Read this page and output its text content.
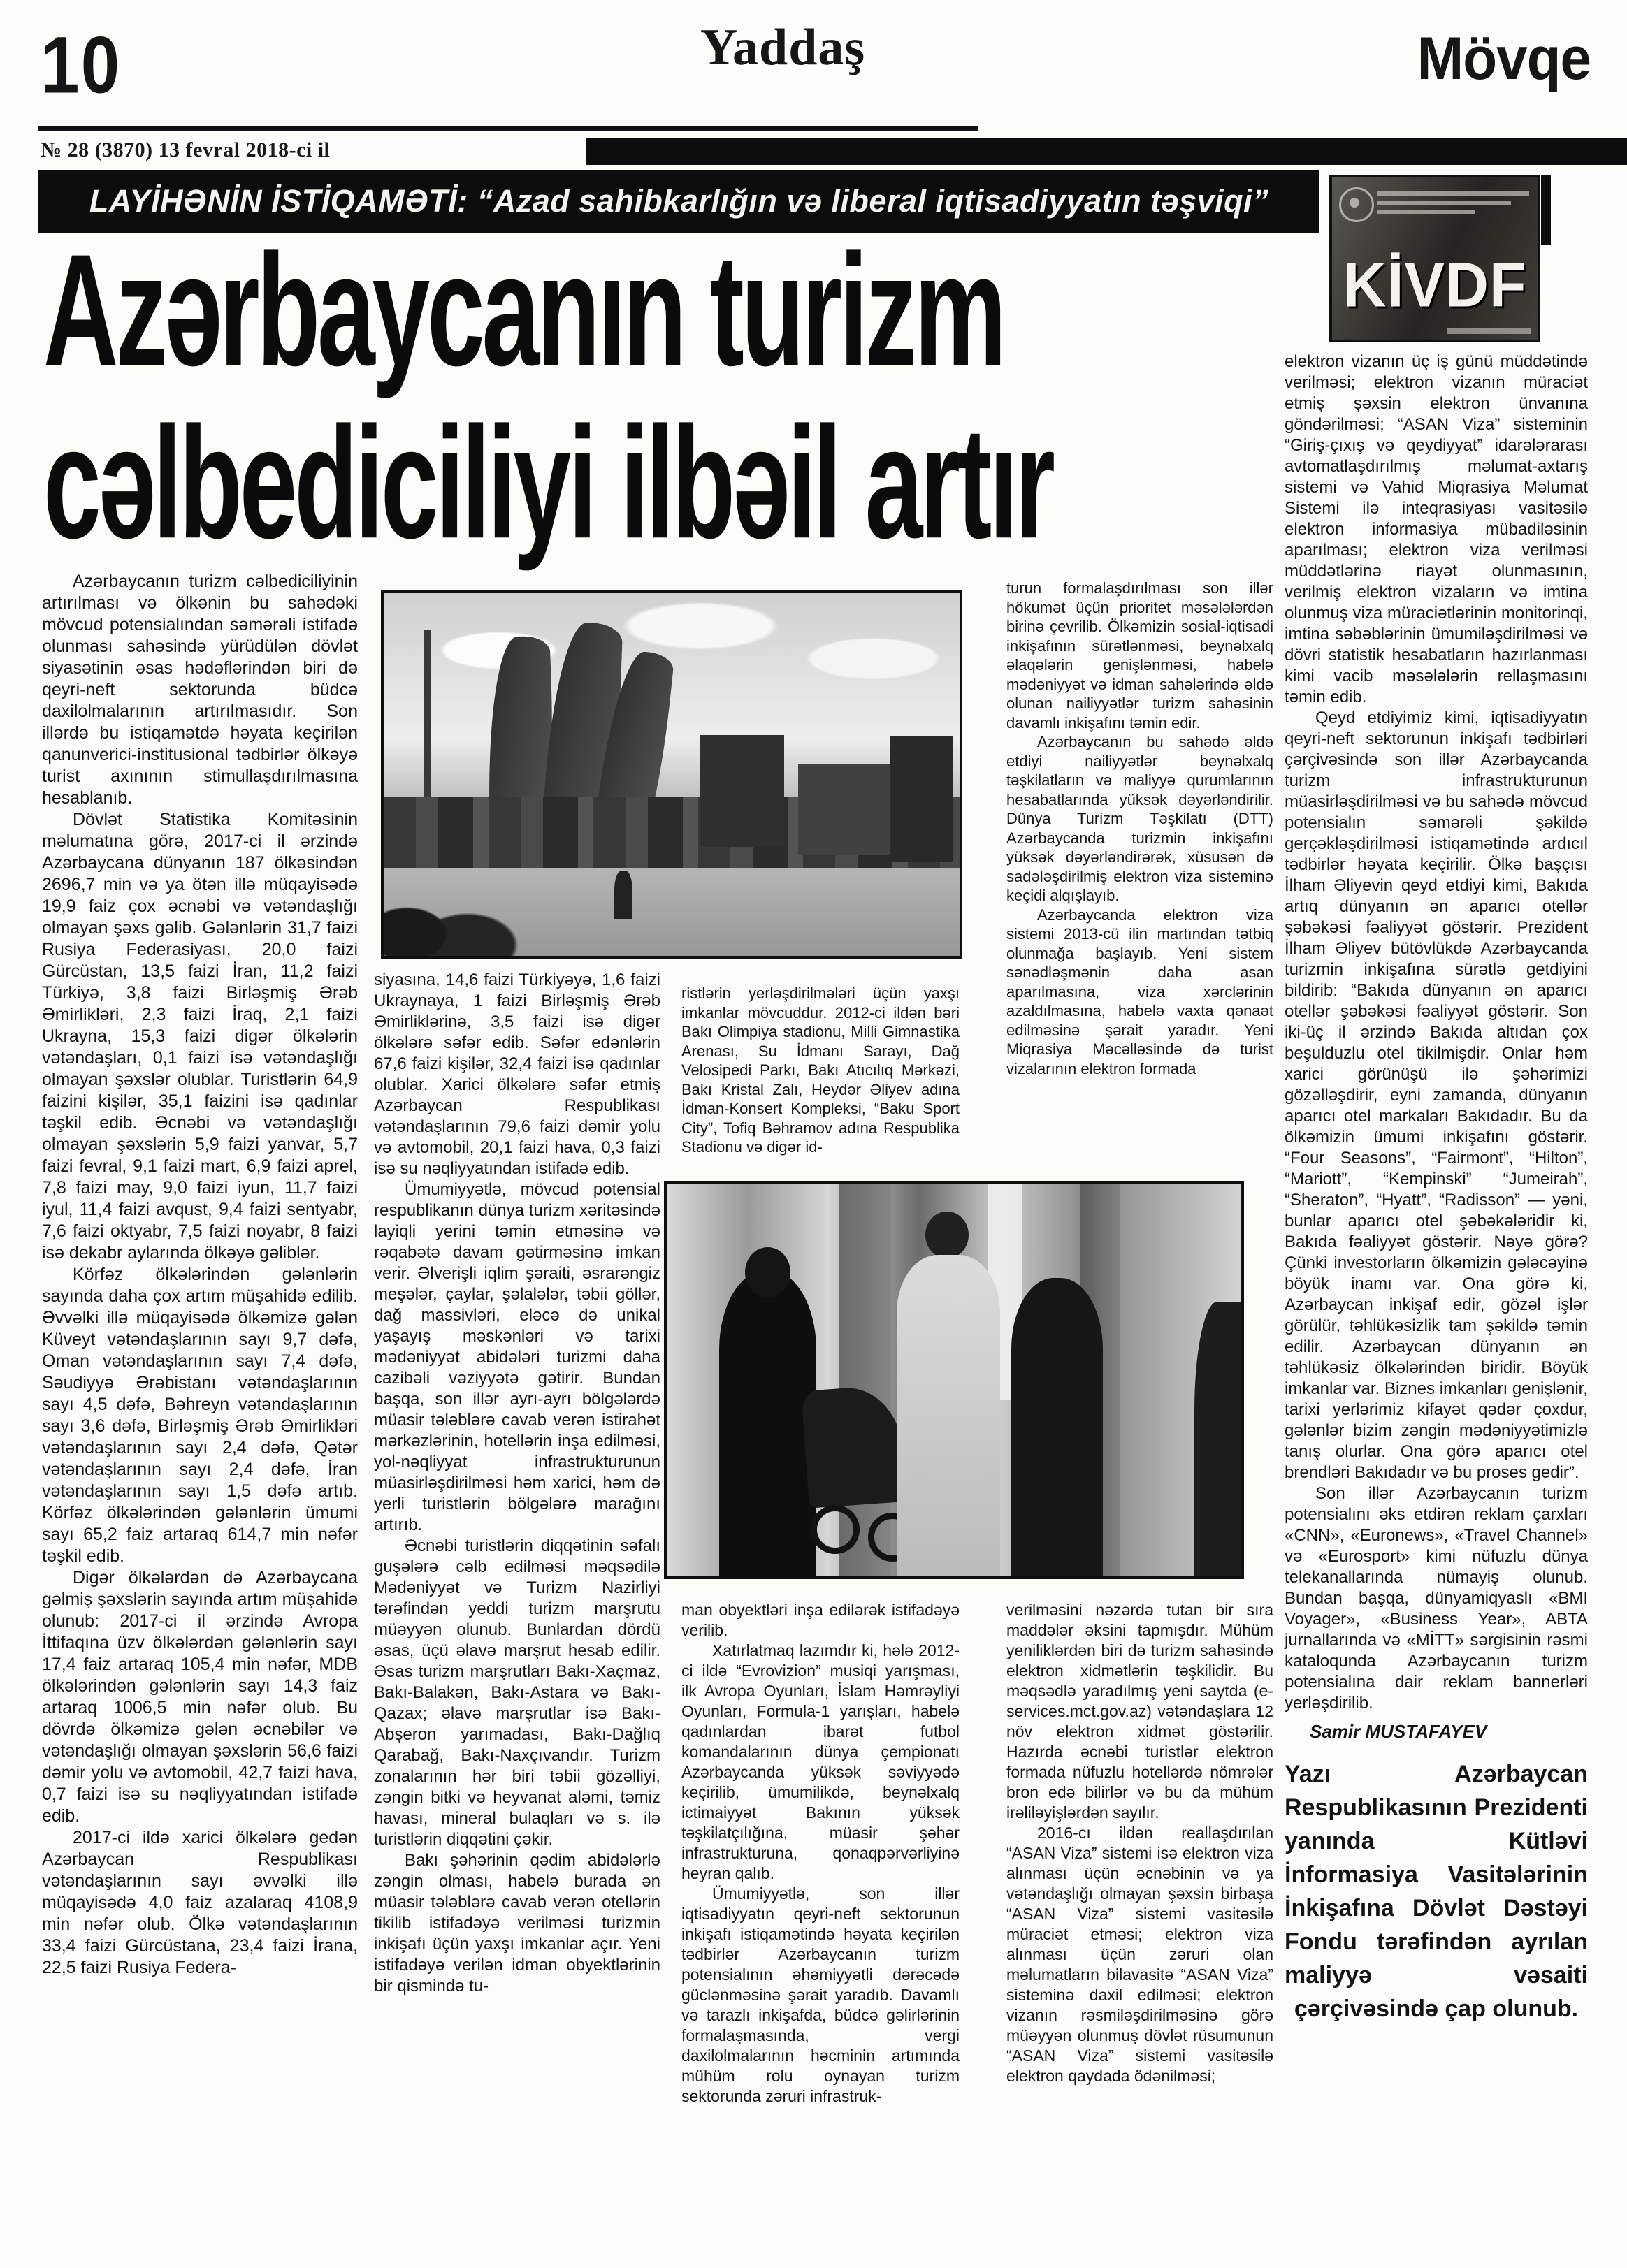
10	Yaddaş	Mövqe
№ 28 (3870) 13 fevral 2018-ci il
LAYİHƏNİN İSTİQAMƏTİ: “Azad sahibkarlığın və liberal iqtisadiyyatın təşviqi”
KİVDF
Azərbaycanın turizm
cəlbediciliyi ilbəil artır

Azərbaycanın turizm cəlbediciliyinin artırılması və ölkənin bu sahədəki mövcud potensialından səmərəli istifadə olunması sahəsində yürüdülən dövlət siyasətinin əsas hədəflərindən biri də qeyri-neft sektorunda büdcə daxilolmalarının artırılmasıdır. Son illərdə bu istiqamətdə həyata keçirilən qanunverici-institusional tədbirlər ölkəyə turist axınının stimullaşdırılmasına hesablanıb.

Dövlət Statistika Komitəsinin məlumatına görə, 2017-ci il ərzində Azərbaycana dünyanın 187 ölkəsindən 2696,7 min və ya ötən illə müqayisədə 19,9 faiz çox əcnəbi və vətəndaşlığı olmayan şəxs gəlib. Gələnlərin 31,7 faizi Rusiya Federasiyası, 20,0 faizi Gürcüstan, 13,5 faizi İran, 11,2 faizi Türkiyə, 3,8 faizi Birləşmiş Ərəb Əmirlikləri, 2,3 faizi İraq, 2,1 faizi Ukrayna, 15,3 faizi digər ölkələrin vətəndaşları, 0,1 faizi isə vətəndaşlığı olmayan şəxslər olublar. Turistlərin 64,9 faizini kişilər, 35,1 faizini isə qadınlar təşkil edib. Əcnəbi və vətəndaşlığı olmayan şəxslərin 5,9 faizi yanvar, 5,7 faizi fevral, 9,1 faizi mart, 6,9 faizi aprel, 7,8 faizi may, 9,0 faizi iyun, 11,7 faizi iyul, 11,4 faizi avqust, 9,4 faizi sentyabr, 7,6 faizi oktyabr, 7,5 faizi noyabr, 8 faizi isə dekabr aylarında ölkəyə gəliblər.

Körfəz ölkələrindən gələnlərin sayında daha çox artım müşahidə edilib. Əvvəlki illə müqayisədə ölkəmizə gələn Küveyt vətəndaşlarının sayı 9,7 dəfə, Oman vətəndaşlarının sayı 7,4 dəfə, Səudiyyə Ərəbistanı vətəndaşlarının sayı 4,5 dəfə, Bəhreyn vətəndaşlarının sayı 3,6 dəfə, Birləşmiş Ərəb Əmirlikləri vətəndaşlarının sayı 2,4 dəfə, Qətər vətəndaşlarının sayı 2,4 dəfə, İran vətəndaşlarının sayı 1,5 dəfə artıb. Körfəz ölkələrindən gələnlərin ümumi sayı 65,2 faiz artaraq 614,7 min nəfər təşkil edib.

Digər ölkələrdən də Azərbaycana gəlmiş şəxslərin sayında artım müşahidə olunub: 2017-ci il ərzində Avropa İttifaqına üzv ölkələrdən gələnlərin sayı 17,4 faiz artaraq 105,4 min nəfər, MDB ölkələrindən gələnlərin sayı 14,3 faiz artaraq 1006,5 min nəfər olub. Bu dövrdə ölkəmizə gələn əcnəbilər və vətəndaşlığı olmayan şəxslərin 56,6 faizi dəmir yolu və avtomobil, 42,7 faizi hava, 0,7 faizi isə su nəqliyyatından istifadə edib.

2017-ci ildə xarici ölkələrə gedən Azərbaycan Respublikası vətəndaşlarının sayı əvvəlki illə müqayisədə 4,0 faiz azalaraq 4108,9 min nəfər olub. Ölkə vətəndaşlarının 33,4 faizi Gürcüstana, 23,4 faizi İrana, 22,5 faizi Rusiya Federa-

siyasına, 14,6 faizi Türkiyəyə, 1,6 faizi Ukraynaya, 1 faizi Birləşmiş Ərəb Əmirliklərinə, 3,5 faizi isə digər ölkələrə səfər edib. Səfər edənlərin 67,6 faizi kişilər, 32,4 faizi isə qadınlar olublar. Xarici ölkələrə səfər etmiş Azərbaycan Respublikası vətəndaşlarının 79,6 faizi dəmir yolu və avtomobil, 20,1 faizi hava, 0,3 faizi isə su nəqliyyatından istifadə edib.

Ümumiyyətlə, mövcud potensial respublikanın dünya turizm xəritəsində layiqli yerini təmin etməsinə və rəqabətə davam gətirməsinə imkan verir. Əlverişli iqlim şəraiti, əsrarəngiz meşələr, çaylar, şəlalələr, təbii göllər, dağ massivləri, eləcə də unikal yaşayış məskənləri və tarixi mədəniyyət abidələri turizmi daha cazibəli vəziyyətə gətirir. Bundan başqa, son illər ayrı-ayrı bölgələrdə müasir tələblərə cavab verən istirahət mərkəzlərinin, hotellərin inşa edilməsi, yol-nəqliyyat infrastrukturunun müasirləşdirilməsi həm xarici, həm də yerli turistlərin bölgələrə marağını artırıb.

Əcnəbi turistlərin diqqətinin səfalı guşələrə cəlb edilməsi məqsədilə Mədəniyyət və Turizm Nazirliyi tərəfindən yeddi turizm marşrutu müəyyən olunub. Bunlardan dördü əsas, üçü əlavə marşrut hesab edilir. Əsas turizm marşrutları Bakı-Xaçmaz, Bakı-Balakən, Bakı-Astara və Bakı-Qazax; əlavə marşrutlar isə Bakı-Abşeron yarımadası, Bakı-Dağlıq Qarabağ, Bakı-Naxçıvandır. Turizm zonalarının hər biri təbii gözəlliyi, zəngin bitki və heyvanat aləmi, təmiz havası, mineral bulaqları və s. ilə turistlərin diqqətini çəkir.

Bakı şəhərinin qədim abidələrlə zəngin olması, habelə burada ən müasir tələblərə cavab verən otellərin tikilib istifadəyə verilməsi turizmin inkişafı üçün yaxşı imkanlar açır. Yeni istifadəyə verilən idman obyektlərinin bir qismində tu-

ristlərin yerləşdirilmələri üçün yaxşı imkanlar mövcuddur. 2012-ci ildən bəri Bakı Olimpiya stadionu, Milli Gimnastika Arenası, Su İdmanı Sarayı, Dağ Velosipedi Parkı, Bakı Atıcılıq Mərkəzi, Bakı Kristal Zalı, Heydər Əliyev adına İdman-Konsert Kompleksi, “Baku Sport City”, Tofiq Bəhramov adına Respublika Stadionu və digər id-

turun formalaşdırılması son illər hökumət üçün prioritet məsələlərdən birinə çevrilib. Ölkəmizin sosial-iqtisadi inkişafının sürətlənməsi, beynəlxalq əlaqələrin genişlənməsi, habelə mədəniyyət və idman sahələrində əldə olunan nailiyyətlər turizm sahəsinin davamlı inkişafını təmin edir.

Azərbaycanın bu sahədə əldə etdiyi nailiyyətlər beynəlxalq təşkilatların və maliyyə qurumlarının hesabatlarında yüksək dəyərləndirilir. Dünya Turizm Təşkilatı (DTT) Azərbaycanda turizmin inkişafını yüksək dəyərləndirərək, xüsusən də sadələşdirilmiş elektron viza sisteminə keçidi alqışlayıb.

Azərbaycanda elektron viza sistemi 2013-cü ilin martından tətbiq olunmağa başlayıb. Yeni sistem sənədləşmənin daha asan aparılmasına, viza xərclərinin azaldılmasına, habelə vaxta qənaət edilməsinə şərait yaradır. Yeni Miqrasiya Məcəlləsində də turist vizalarının elektron formada

man obyektləri inşa edilərək istifadəyə verilib.

Xatırlatmaq lazımdır ki, hələ 2012-ci ildə “Evrovizion” musiqi yarışması, ilk Avropa Oyunları, İslam Həmrəyliyi Oyunları, Formula-1 yarışları, habelə qadınlardan ibarət futbol komandalarının dünya çempionatı Azərbaycanda yüksək səviyyədə keçirilib, ümumilikdə, beynəlxalq ictimaiyyət Bakının yüksək təşkilatçılığına, müasir şəhər infrastrukturuna, qonaqpərvərliyinə heyran qalıb.

Ümumiyyətlə, son illər iqtisadiyyatın qeyri-neft sektorunun inkişafı istiqamətində həyata keçirilən tədbirlər Azərbaycanın turizm potensialının əhəmiyyətli dərəcədə güclənməsinə şərait yaradıb. Davamlı və tarazlı inkişafda, büdcə gəlirlərinin formalaşmasında, vergi daxilolmalarının həcminin artımında mühüm rolu oynayan turizm sektorunda zəruri infrastruk-

verilməsini nəzərdə tutan bir sıra maddələr əksini tapmışdır. Mühüm yeniliklərdən biri də turizm sahəsində elektron xidmətlərin təşkilidir. Bu məqsədlə yaradılmış yeni saytda (e-services.mct.gov.az) vətəndaşlara 12 növ elektron xidmət göstərilir. Hazırda əcnəbi turistlər elektron formada nüfuzlu hotellərdə nömrələr bron edə bilirlər və bu da mühüm irəliləyişlərdən sayılır.

2016-cı ildən reallaşdırılan “ASAN Viza” sistemi isə elektron viza alınması üçün əcnəbinin və ya vətəndaşlığı olmayan şəxsin birbaşa “ASAN Viza” sistemi vasitəsilə müraciət etməsi; elektron viza alınması üçün zəruri olan məlumatların bilavasitə “ASAN Viza” sisteminə daxil edilməsi; elektron vizanın rəsmiləşdirilməsinə görə müəyyən olunmuş dövlət rüsumunun “ASAN Viza” sistemi vasitəsilə elektron qaydada ödənilməsi;

elektron vizanın üç iş günü müddətində verilməsi; elektron vizanın müraciət etmiş şəxsin elektron ünvanına göndərilməsi; “ASAN Viza” sisteminin “Giriş-çıxış və qeydiyyat” idarələrarası avtomatlaşdırılmış məlumat-axtarış sistemi və Vahid Miqrasiya Məlumat Sistemi ilə inteqrasiyası vasitəsilə elektron informasiya mübadiləsinin aparılması; elektron viza verilməsi müddətlərinə riayət olunmasının, verilmiş elektron vizaların və imtina olunmuş viza müraciətlərinin monitorinqi, imtina səbəblərinin ümumiləşdirilməsi və dövri statistik hesabatların hazırlanması kimi vacib məsələlərin rellaşmasını təmin edib.

Qeyd etdiyimiz kimi, iqtisadiyyatın qeyri-neft sektorunun inkişafı tədbirləri çərçivəsində son illər Azərbaycanda turizm infrastrukturunun müasirləşdirilməsi və bu sahədə mövcud potensialın səmərəli şəkildə gerçəkləşdirilməsi istiqamətində ardıcıl tədbirlər həyata keçirilir. Ölkə başçısı İlham Əliyevin qeyd etdiyi kimi, Bakıda artıq dünyanın ən aparıcı otellər şəbəkəsi fəaliyyət göstərir. Prezident İlham Əliyev bütövlükdə Azərbaycanda turizmin inkişafına sürətlə getdiyini bildirib: “Bakıda dünyanın ən aparıcı otellər şəbəkəsi fəaliyyət göstərir. Son iki-üç il ərzində Bakıda altıdan çox beşulduzlu otel tikilmişdir. Onlar həm xarici görünüşü ilə şəhərimizi gözəlləşdirir, eyni zamanda, dünyanın aparıcı otel markaları Bakıdadır. Bu da ölkəmizin ümumi inkişafını göstərir. “Four Seasons”, “Fairmont”, “Hilton”, “Mariott”, “Kempinski” “Jumeirah”, “Sheraton”, “Hyatt”, “Radisson” — yəni, bunlar aparıcı otel şəbəkələridir ki, Bakıda fəaliyyət göstərir. Nəyə görə? Çünki investorların ölkəmizin gələcəyinə böyük inamı var. Ona görə ki, Azərbaycan inkişaf edir, gözəl işlər görülür, təhlükəsizlik tam şəkildə təmin edilir. Azərbaycan dünyanın ən təhlükəsiz ölkələrindən biridir. Böyük imkanlar var. Biznes imkanları genişlənir, tarixi yerlərimiz kifayət qədər çoxdur, gələnlər bizim zəngin mədəniyyətimizlə tanış olurlar. Ona görə aparıcı otel brendləri Bakıdadır və bu proses gedir”.

Son illər Azərbaycanın turizm potensialını əks etdirən reklam çarxları «CNN», «Euronews», «Travel Channel» və «Eurosport» kimi nüfuzlu dünya telekanallarında nümayiş olunub. Bundan başqa, dünyamiqyaslı «BMI Voyager», «Business Year», ABTA jurnallarında və «MİTT» sərgisinin rəsmi kataloqunda Azərbaycanın turizm potensialına dair reklam bannerləri yerləşdirilib.

Samir MUSTAFAYEV

Yazı Azərbaycan Respublikasının Prezidenti yanında Kütləvi İnformasiya Vasitələrinin İnkişafına Dövlət Dəstəyi Fondu tərəfindən ayrılan maliyyə vəsaiti çərçivəsində çap olunub.
